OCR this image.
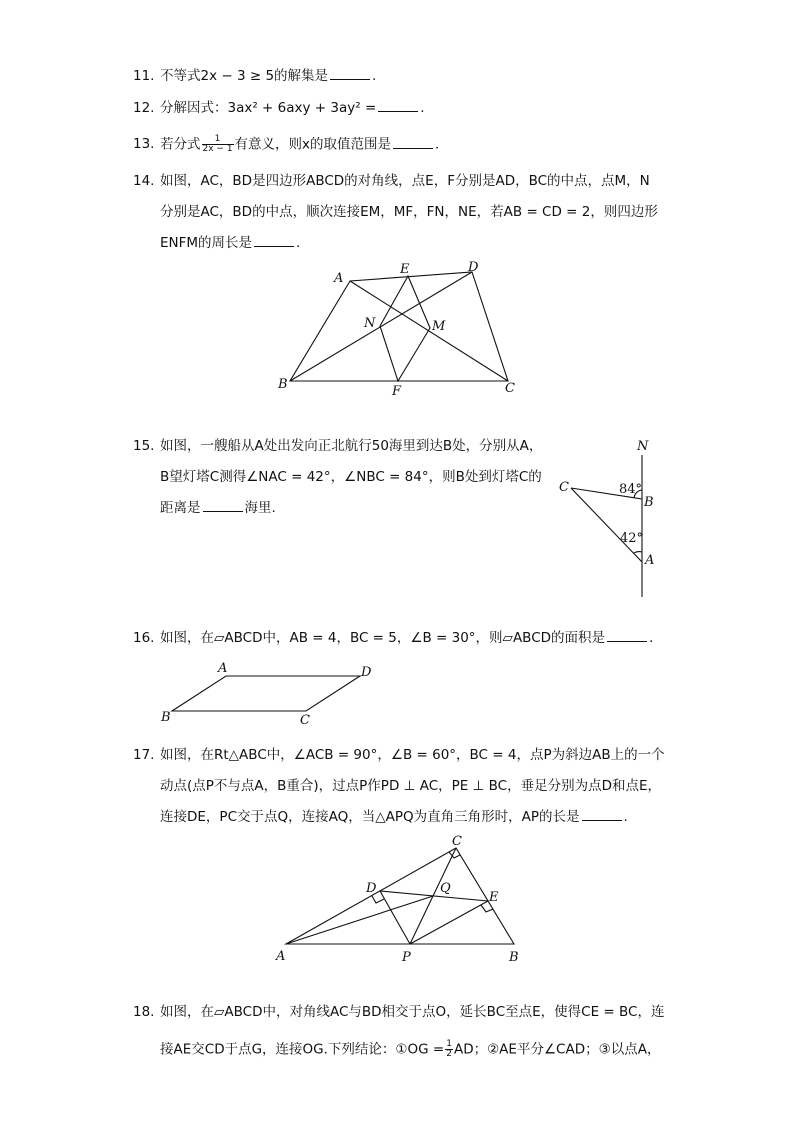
11. 不等式2x − 3 ≥ 5的解集是	.
12. 分解因式：3ax² + 6axy + 3ay² =	.
13. 若分式 $\frac{1}{2x - 1}$ 有意义，则x的取值范围是	.
14. 如图，AC，BD是四边形ABCD的对角线，点E，F分别是AD，BC的中点，点M，N
分别是AC，BD的中点，顺次连接EM，MF，FN，NE，若AB = CD = 2，则四边形
ENFM的周长是	.
A
B	C
D
E
F
M
N
15. 如图，一艘船从A处出发向正北航行50海里到达B处，分别从A，
B望灯塔C测得∠NAC = 42°，∠NBC = 84°，则B处到灯塔C的
距离是	海里.
N
B
C
A
84°
42°
16. 如图，在▱ABCD中，AB = 4，BC = 5，∠B = 30°，则▱ABCD的面积是	.
A
B	C
D
17. 如图，在Rt△ABC中，∠ACB = 90°，∠B = 60°，BC = 4，点P为斜边AB上的一个
动点(点P不与点A，B重合)，过点P作PD ⊥ AC，PE ⊥ BC，垂足分别为点D和点E，
连接DE，PC交于点Q，连接AQ，当△APQ为直角三角形时，AP的长是	.
A	B
C
D
E
P
Q
18. 如图，在▱ABCD中，对角线AC与BD相交于点O，延长BC至点E，使得CE = BC，连
接AE交CD于点G，连接OG.下列结论：①OG = $\frac{1}{2}$ AD；②AE平分∠CAD；③以点A，
